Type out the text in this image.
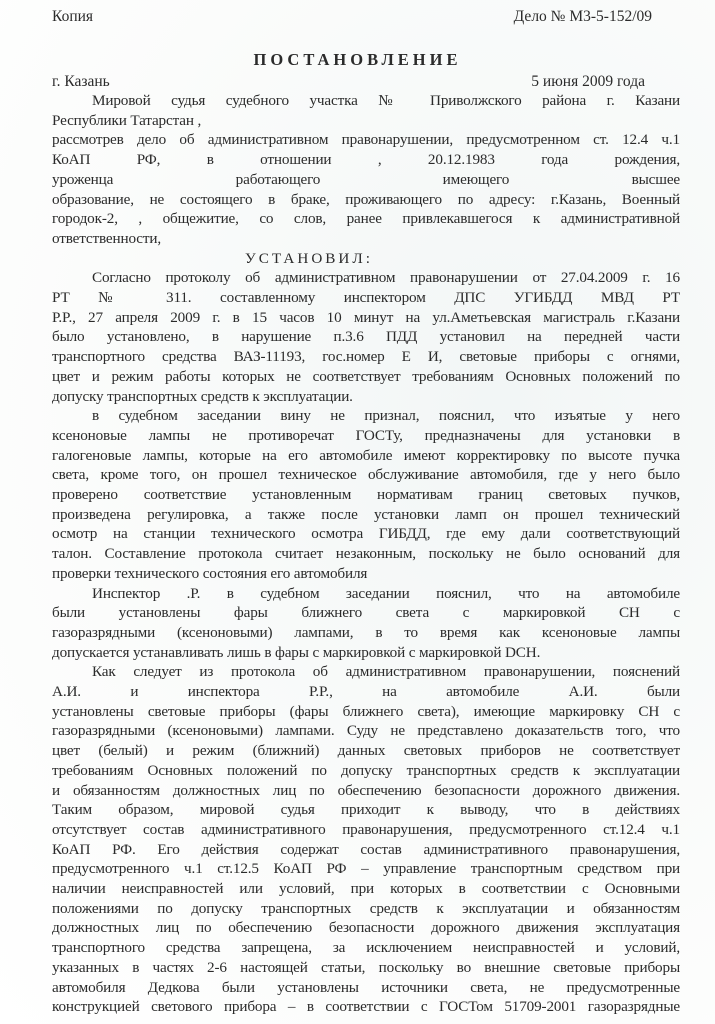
Копия	Дело № М3-5-152/09
ПОСТАНОВЛЕНИЕ
г. Казань	5 июня 2009 года
Мировой судья судебного участка № Приволжского района г. Казани
Республики Татарстан ,
рассмотрев дело об административном правонарушении, предусмотренном ст. 12.4 ч.1
КоАП РФ, в отношении , 20.12.1983 года рождения,
уроженца работающего имеющего высшее
образование, не состоящего в браке, проживающего по адресу: г.Казань, Военный
городок-2, , общежитие, со слов, ранее привлекавшегося к административной
ответственности,
УСТАНОВИЛ:
Согласно протоколу об административном правонарушении от 27.04.2009 г. 16
РТ № 311. составленному инспектором ДПС УГИБДД МВД РТ
Р.Р., 27 апреля 2009 г. в 15 часов 10 минут на ул.Аметьевская магистраль г.Казани
было установлено, в нарушение п.3.6 ПДД установил на передней части
транспортного средства ВАЗ-11193, гос.номер Е И, световые приборы с огнями,
цвет и режим работы которых не соответствует требованиям Основных положений по
допуску транспортных средств к эксплуатации.
в судебном заседании вину не признал, пояснил, что изъятые у него
ксеноновые лампы не противоречат ГОСТу, предназначены для установки в
галогеновые лампы, которые на его автомобиле имеют корректировку по высоте пучка
света, кроме того, он прошел техническое обслуживание автомобиля, где у него было
проверено соответствие установленным нормативам границ световых пучков,
произведена регулировка, а также после установки ламп он прошел технический
осмотр на станции технического осмотра ГИБДД, где ему дали соответствующий
талон. Составление протокола считает незаконным, поскольку не было оснований для
проверки технического состояния его автомобиля
Инспектор .Р. в судебном заседании пояснил, что на автомобиле
были установлены фары ближнего света с маркировкой СН с
газоразрядными (ксеноновыми) лампами, в то время как ксеноновые лампы
допускается устанавливать лишь в фары с маркировкой с маркировкой DCH.
Как следует из протокола об административном правонарушении, пояснений
А.И. и инспектора Р.Р., на автомобиле А.И. были
установлены световые приборы (фары ближнего света), имеющие маркировку СН с
газоразрядными (ксеноновыми) лампами. Суду не представлено доказательств того, что
цвет (белый) и режим (ближний) данных световых приборов не соответствует
требованиям Основных положений по допуску транспортных средств к эксплуатации
и обязанностям должностных лиц по обеспечению безопасности дорожного движения.
Таким образом, мировой судья приходит к выводу, что в действиях
отсутствует состав административного правонарушения, предусмотренного ст.12.4 ч.1
КоАП РФ. Его действия содержат состав административного правонарушения,
предусмотренного ч.1 ст.12.5 КоАП РФ – управление транспортным средством при
наличии неисправностей или условий, при которых в соответствии с Основными
положениями по допуску транспортных средств к эксплуатации и обязанностям
должностных лиц по обеспечению безопасности дорожного движения эксплуатация
транспортного средства запрещена, за исключением неисправностей и условий,
указанных в частях 2-6 настоящей статьи, поскольку во внешние световые приборы
автомобиля Дедкова были установлены источники света, не предусмотренные
конструкцией светового прибора – в соответствии с ГОСТом 51709-2001 газоразрядные
